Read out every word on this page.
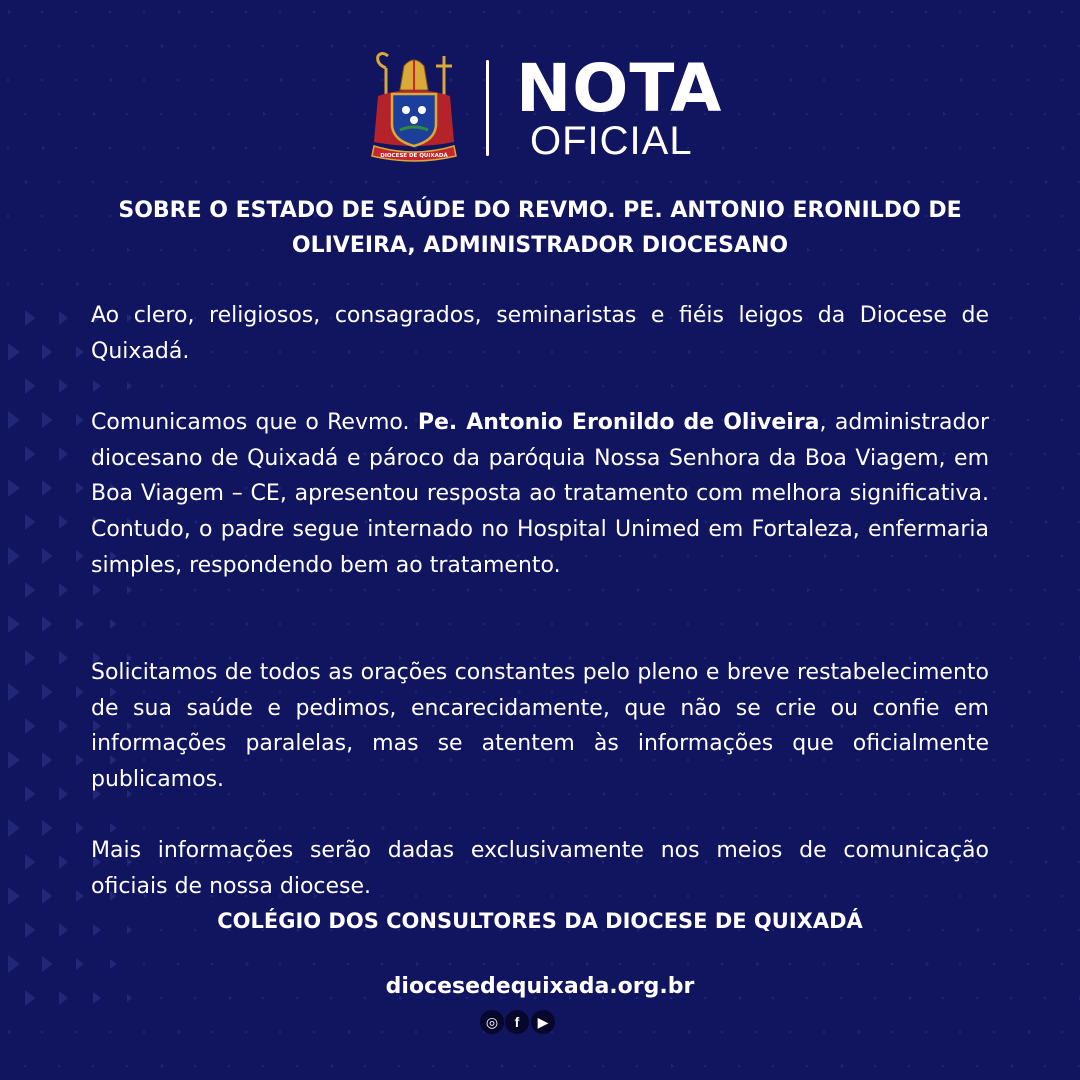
DIOCESE DE QUIXADÁ
NOTA
OFICIAL
SOBRE O ESTADO DE SAÚDE DO REVMO. PE. ANTONIO ERONILDO DE
OLIVEIRA, ADMINISTRADOR DIOCESANO

Ao clero, religiosos, consagrados, seminaristas e fiéis leigos da Diocese de Quixadá.

Comunicamos que o Revmo. Pe. Antonio Eronildo de Oliveira, administrador diocesano de Quixadá e pároco da paróquia Nossa Senhora da Boa Viagem, em Boa Viagem – CE, apresentou resposta ao tratamento com melhora significativa. Contudo, o padre segue internado no Hospital Unimed em Fortaleza, enfermaria simples, respondendo bem ao tratamento.

Solicitamos de todos as orações constantes pelo pleno e breve restabelecimento de sua saúde e pedimos, encarecidamente, que não se crie ou confie em informações paralelas, mas se atentem às informações que oficialmente publicamos.

Mais informações serão dadas exclusivamente nos meios de comunicação oficiais de nossa diocese.

COLÉGIO DOS CONSULTORES DA DIOCESE DE QUIXADÁ

diocesedequixada.org.br
◎	f	▶
